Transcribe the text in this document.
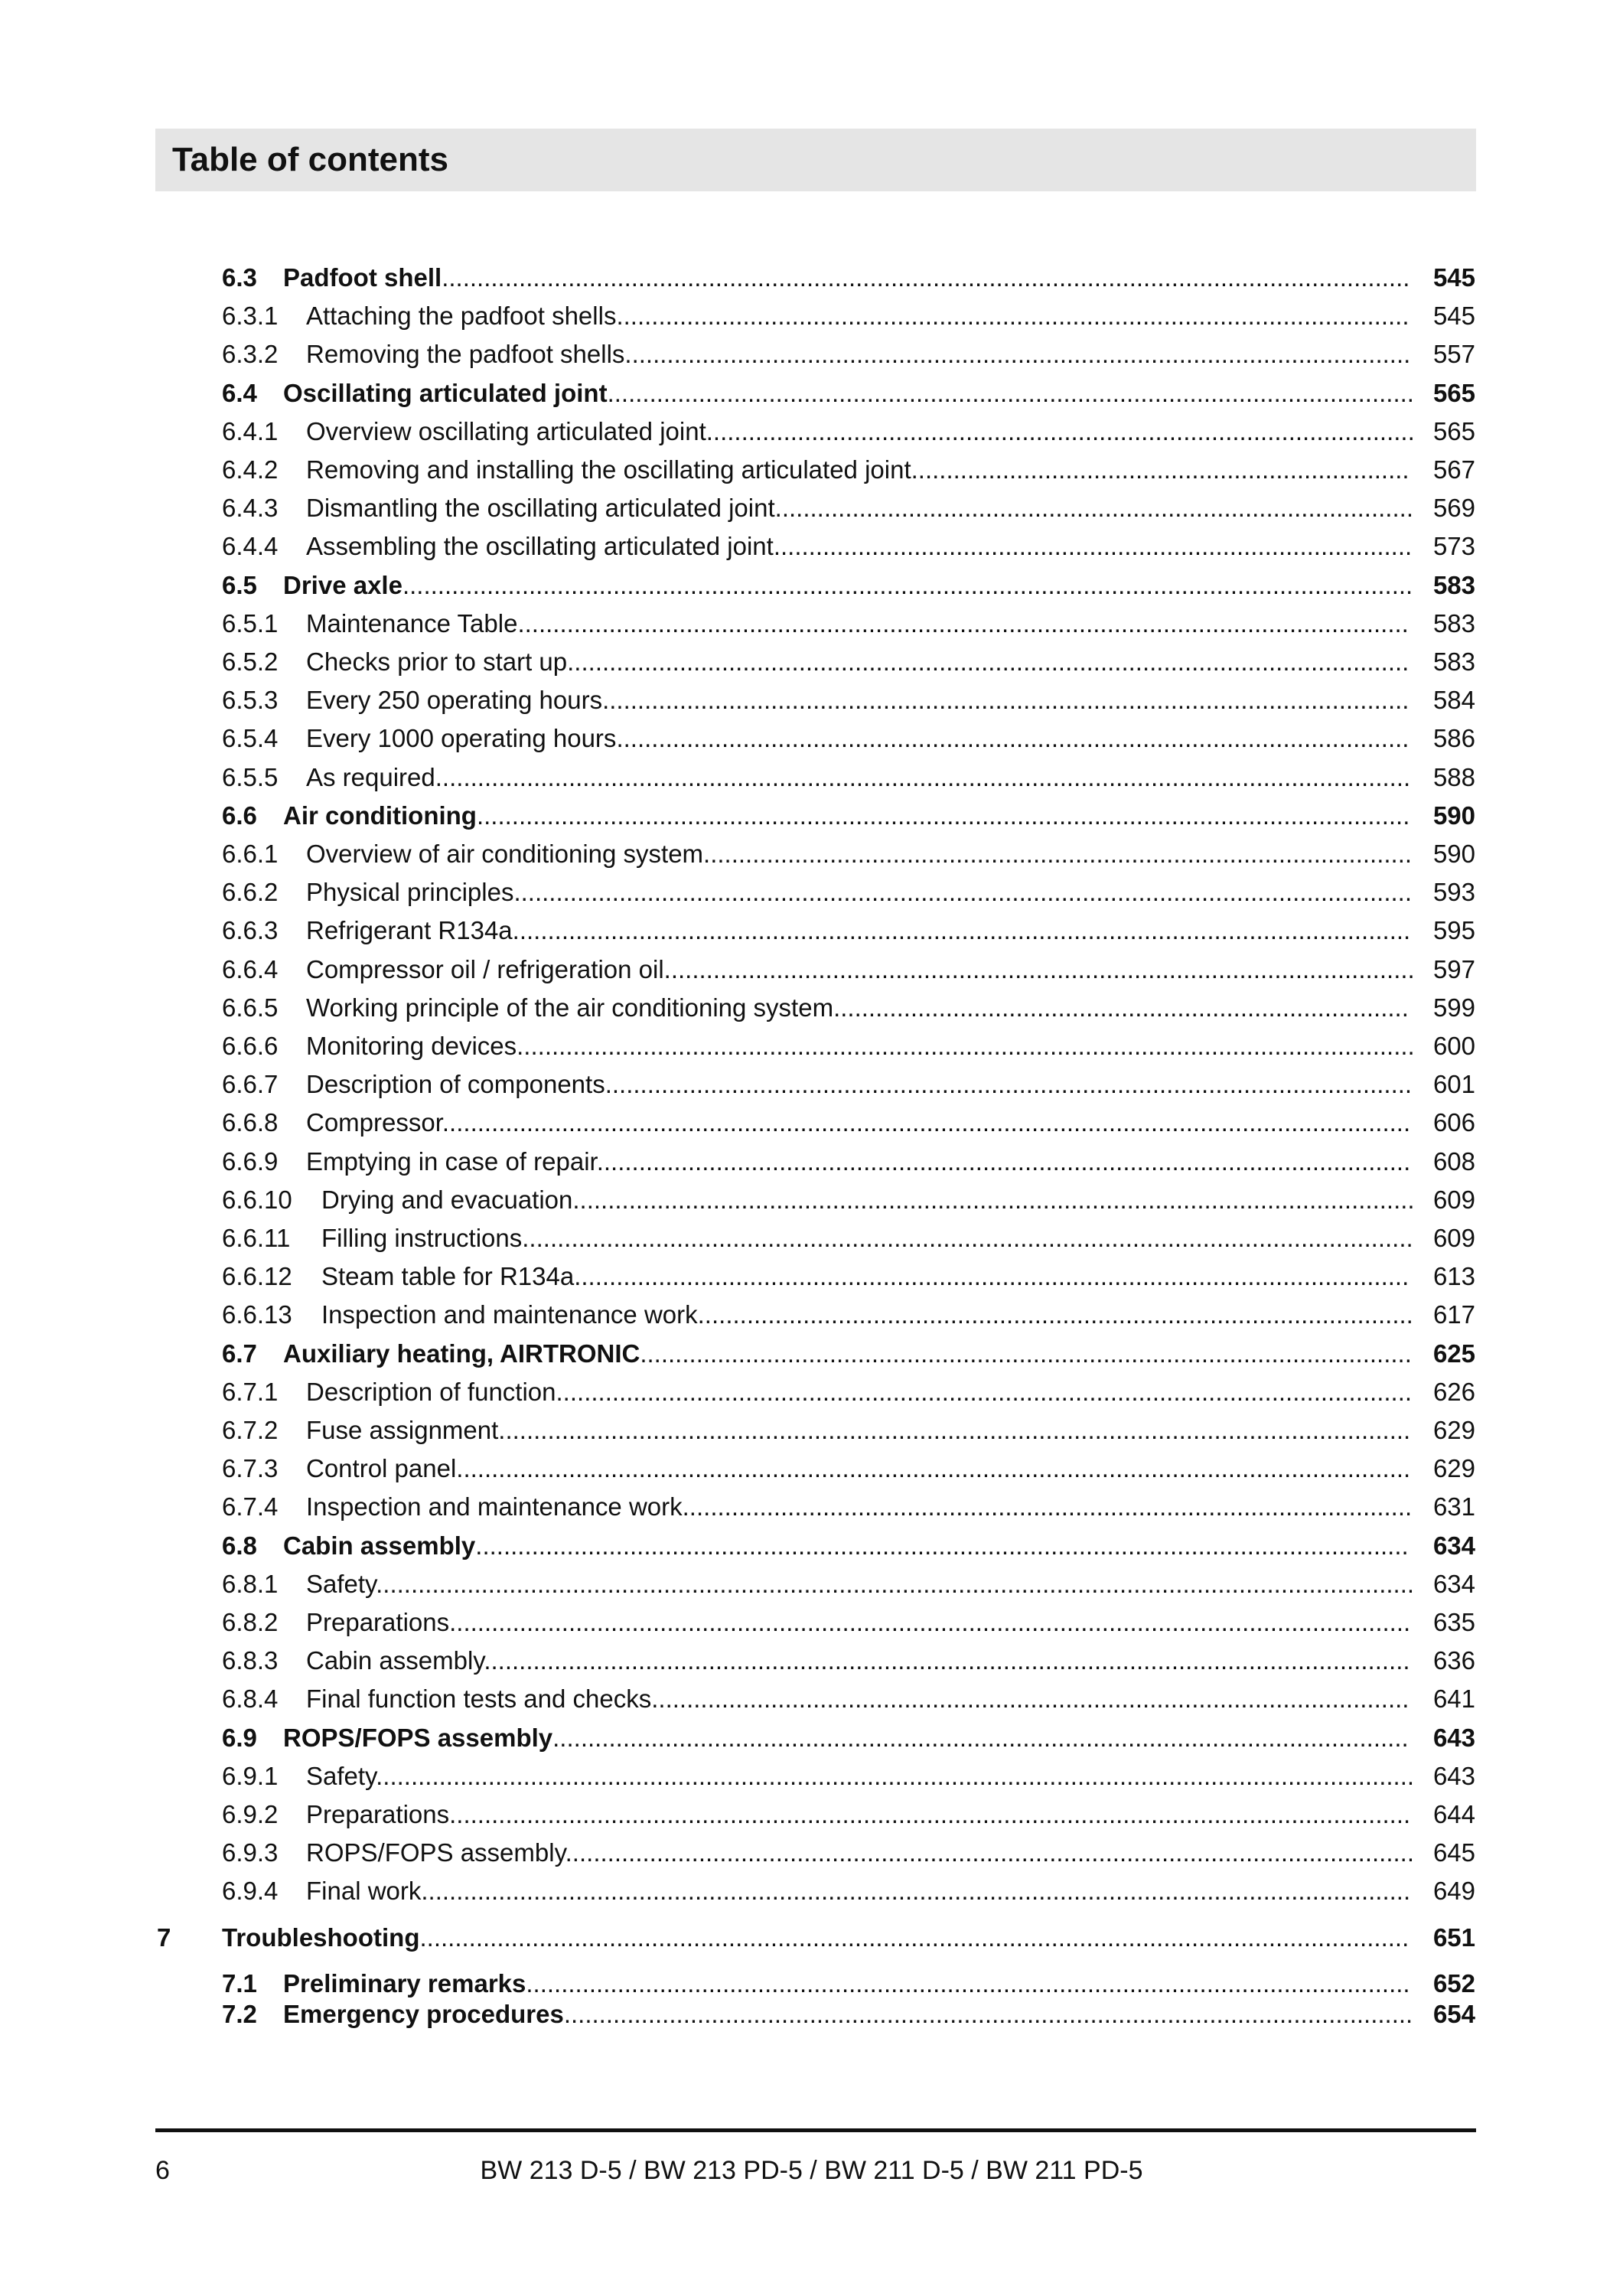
Table of contents
6.3 Padfoot shell.......................................................................................................................................... 545
6.3.1 Attaching the padfoot shells................................................................................................................. 545
6.3.2 Removing the padfoot shells................................................................................................................ 557
6.4 Oscillating articulated joint................................................................................................................... 565
6.4.1 Overview oscillating articulated joint..................................................................................................... 565
6.4.2 Removing and installing the oscillating articulated joint....................................................................... 567
6.4.3 Dismantling the oscillating articulated joint........................................................................................... 569
6.4.4 Assembling the oscillating articulated joint........................................................................................... 573
6.5 Drive axle................................................................................................................................................ 583
6.5.1 Maintenance Table............................................................................................................................... 583
6.5.2 Checks prior to start up........................................................................................................................ 583
6.5.3 Every 250 operating hours................................................................................................................... 584
6.5.4 Every 1000 operating hours................................................................................................................. 586
6.5.5 As required........................................................................................................................................... 588
6.6 Air conditioning..................................................................................................................................... 590
6.6.1 Overview of air conditioning system..................................................................................................... 590
6.6.2 Physical principles................................................................................................................................ 593
6.6.3 Refrigerant R134a................................................................................................................................ 595
6.6.4 Compressor oil / refrigeration oil........................................................................................................... 597
6.6.5 Working principle of the air conditioning system.................................................................................. 599
6.6.6 Monitoring devices................................................................................................................................ 600
6.6.7 Description of components................................................................................................................... 601
6.6.8 Compressor.......................................................................................................................................... 606
6.6.9 Emptying in case of repair.................................................................................................................... 608
6.6.10 Drying and evacuation........................................................................................................................ 609
6.6.11 Filling instructions............................................................................................................................... 609
6.6.12 Steam table for R134a....................................................................................................................... 613
6.6.13 Inspection and maintenance work...................................................................................................... 617
6.7 Auxiliary heating, AIRTRONIC.............................................................................................................. 625
6.7.1 Description of function.......................................................................................................................... 626
6.7.2 Fuse assignment.................................................................................................................................. 629
6.7.3 Control panel........................................................................................................................................ 629
6.7.4 Inspection and maintenance work........................................................................................................ 631
6.8 Cabin assembly..................................................................................................................................... 634
6.8.1 Safety.................................................................................................................................................... 634
6.8.2 Preparations......................................................................................................................................... 635
6.8.3 Cabin assembly.................................................................................................................................... 636
6.8.4 Final function tests and checks............................................................................................................ 641
6.9 ROPS/FOPS assembly.......................................................................................................................... 643
6.9.1 Safety.................................................................................................................................................... 643
6.9.2 Preparations......................................................................................................................................... 644
6.9.3 ROPS/FOPS assembly......................................................................................................................... 645
6.9.4 Final work............................................................................................................................................. 649
7 Troubleshooting............................................................................................................................................. 651
7.1 Preliminary remarks.............................................................................................................................. 652
7.2 Emergency procedures......................................................................................................................... 654
6	BW 213 D-5 / BW 213 PD-5 / BW 211 D-5 / BW 211 PD-5
